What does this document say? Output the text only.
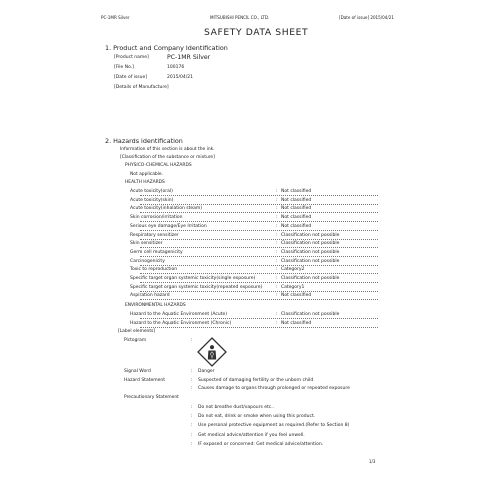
PC-1MR Silver	MITSUBISHI PENCIL CO., LTD.	[Date of issue] 2015/04/21
SAFETY DATA SHEET
1. Product and Company Identification
[Product name]	PC-1MR Silver
[File No.]	100176
[Date of issue]	2015/04/21
[Details of Manufacture]
2. Hazards identification
Information of this section is about the ink.
[Classification of the substance or mixture]
PHYSICO-CHEMICAL HAZARDS
Not applicable.
HEALTH HAZARDS
Acute toxicity(oral)	: Not classified
Acute toxicity(skin)	: Not classified
Acute toxicity(inhalation steam)	: Not classified
Skin corrosion/irritation	: Not classified
Serious eye damage/Eye Irritation	: Not classified
Respiratory sensitizer	: Classification not possible
Skin sensitizer	: Classification not possible
Germ cell mutagenicity	: Classification not possible
Carcinogenicity	: Classification not possible
Toxic to reproduction	: Category2
Specific target organ systemic toxicity(single exposure)	: Classification not possible
Specific target organ systemic toxicity(repeated exposure)	: Category1
Aspiration hazard	: Not classified
ENVIRONMENTAL HAZARDS
Hazard to the Aquatic Environment (Acute)	: Classification not possible
Hazard to the Aquatic Environment (Chronic)	: Not classified
[Label elements]
Pictogram	:
Signal Word	: Danger
Hazard Statement	: Suspected of damaging fertility or the unborn child
: Causes damage to organs through prolonged or repeated exposure
Precautionary Statement
: Do not breathe dust/vapours etc..
: Do not eat, drink or smoke when using this product.
: Use personal protective equipment as required.(Refer to Section 8)
: Get medical advice/attention if you feel unwell.
: IF exposed or concerned: Get medical advice/attention.
1/3
